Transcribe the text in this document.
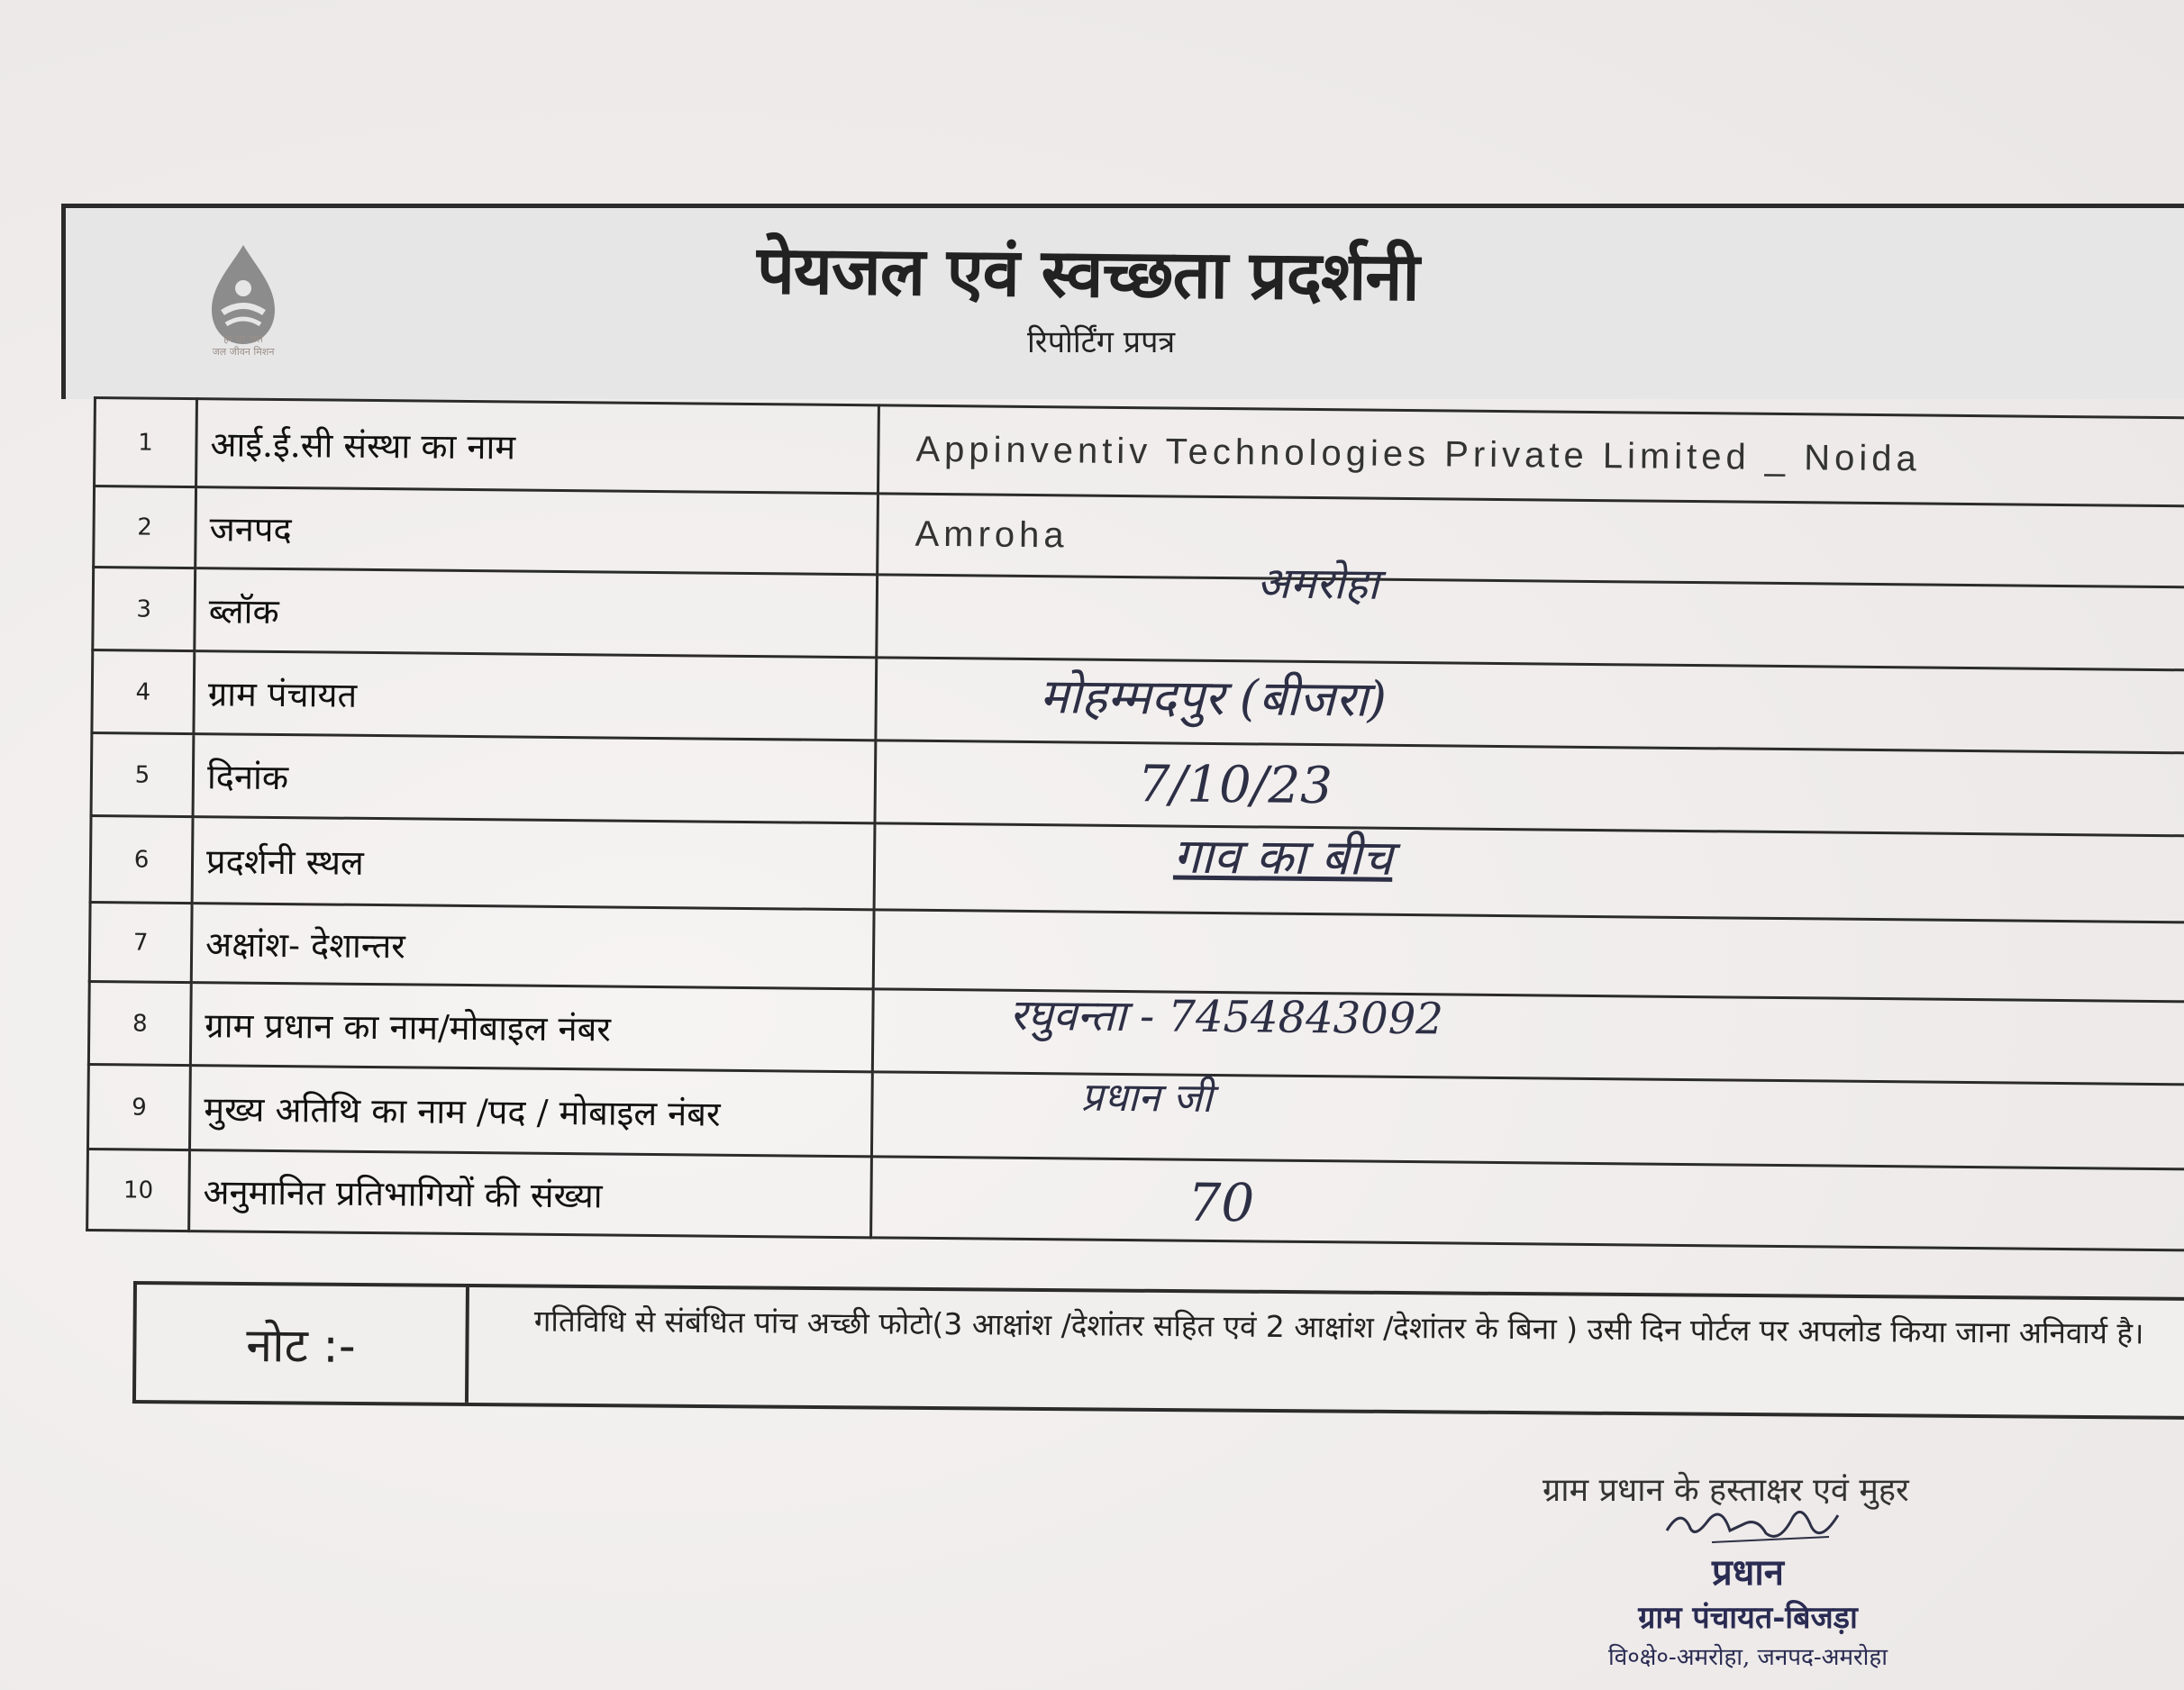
हर घर जल
जल जीवन मिशन
पेयजल एवं स्वच्छता प्रदर्शनी
रिपोर्टिंग प्रपत्र
1	आई.ई.सी संस्था का नाम	Appinventiv Technologies Private Limited _ Noida
2	जनपद	Amroha
3	ब्लॉक	अमरोहा

4	ग्राम पंचायत	मोहम्मदपुर (बीजरा)

5	दिनांक	7/10/23

6	प्रदर्शनी स्थल	गाव का बीच

7	अक्षांश- देशान्तर	
8	ग्राम प्रधान का नाम/मोबाइल नंबर	रघुवन्ता - 7454843092

9	मुख्य अतिथि का नाम /पद / मोबाइल नंबर	प्रधान जी

10	अनुमानित प्रतिभागियों की संख्या	70
नोट :-	गतिविधि से संबंधित पांच अच्छी फोटो(3 आक्षांश /देशांतर सहित एवं 2 आक्षांश /देशांतर के बिना ) उसी दिन पोर्टल पर अपलोड किया जाना अनिवार्य है।
ग्राम प्रधान के हस्ताक्षर एवं मुहर
प्रधान
ग्राम पंचायत-बिजड़ा
वि०क्षे०-अमरोहा, जनपद-अमरोहा
